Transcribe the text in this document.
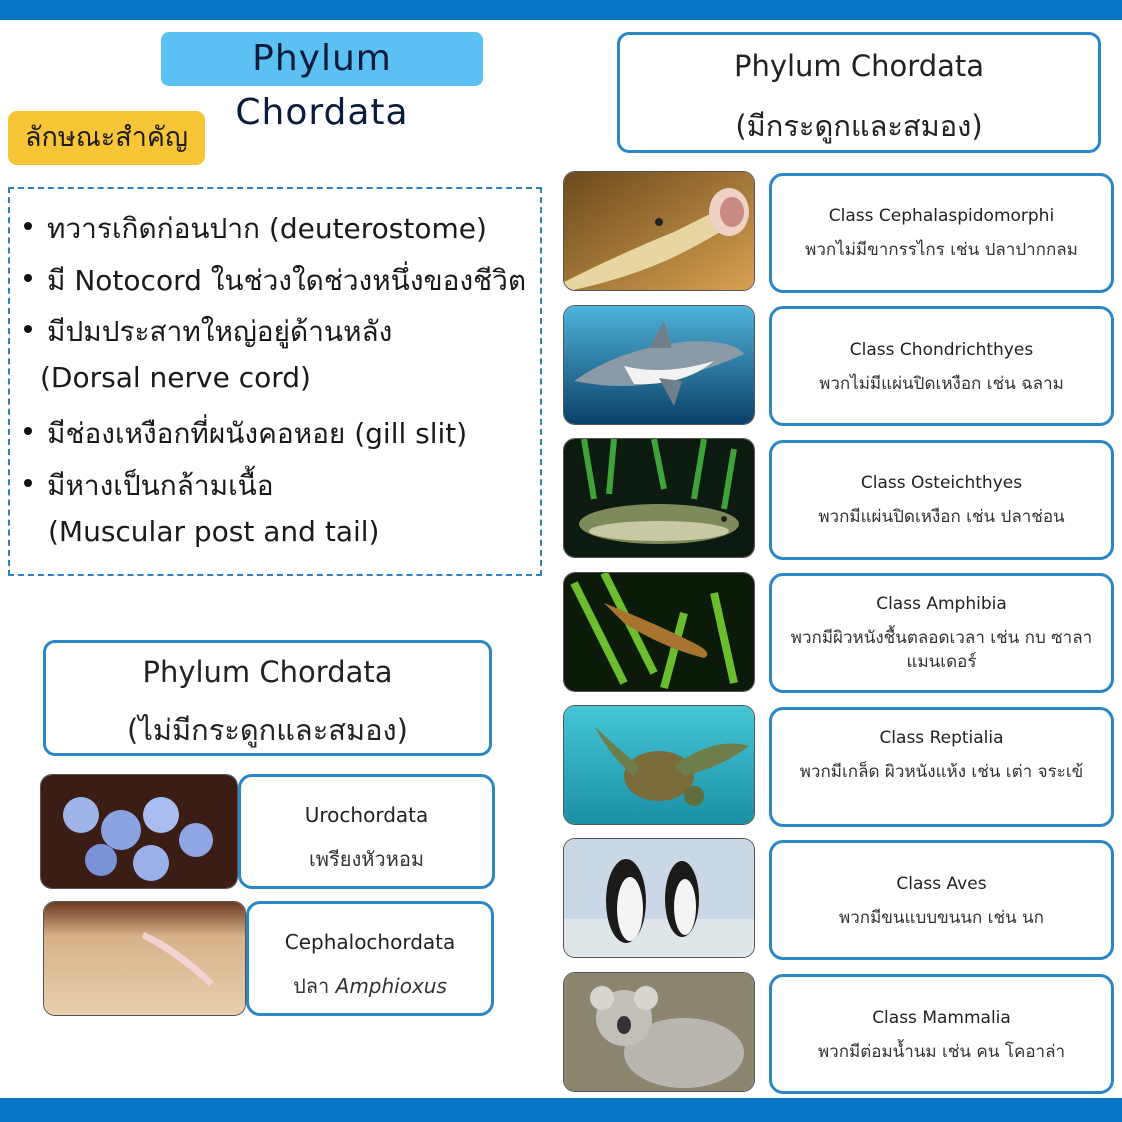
Phylum Chordata
ลักษณะสำคัญ
ทวารเกิดก่อนปาก (deuterostome)
มี Notocord ในช่วงใดช่วงหนึ่งของชีวิต
มีปมประสาทใหญ่อยู่ด้านหลัง
(Dorsal nerve cord)
มีช่องเหงือกที่ผนังคอหอย (gill slit)
มีหางเป็นกล้ามเนื้อ
(Muscular post and tail)
Phylum Chordata
(มีกระดูกและสมอง)
Phylum Chordata
(ไม่มีกระดูกและสมอง)
Class Cephalaspidomorphi
พวกไม่มีขากรรไกร เช่น ปลาปากกลม
Class Chondrichthyes
พวกไม่มีแผ่นปิดเหงือก เช่น ฉลาม
Class Osteichthyes
พวกมีแผ่นปิดเหงือก เช่น ปลาช่อน
Class Amphibia
พวกมีผิวหนังชื้นตลอดเวลา เช่น กบ ซาลาแมนเดอร์
Class Reptialia
พวกมีเกล็ด ผิวหนังแห้ง เช่น เต่า จระเข้
Class Aves
พวกมีขนแบบขนนก เช่น นก
Class Mammalia
พวกมีต่อมน้ำนม เช่น คน โคอาล่า
Urochordata
เพรียงหัวหอม
Cephalochordata
ปลา Amphioxus
